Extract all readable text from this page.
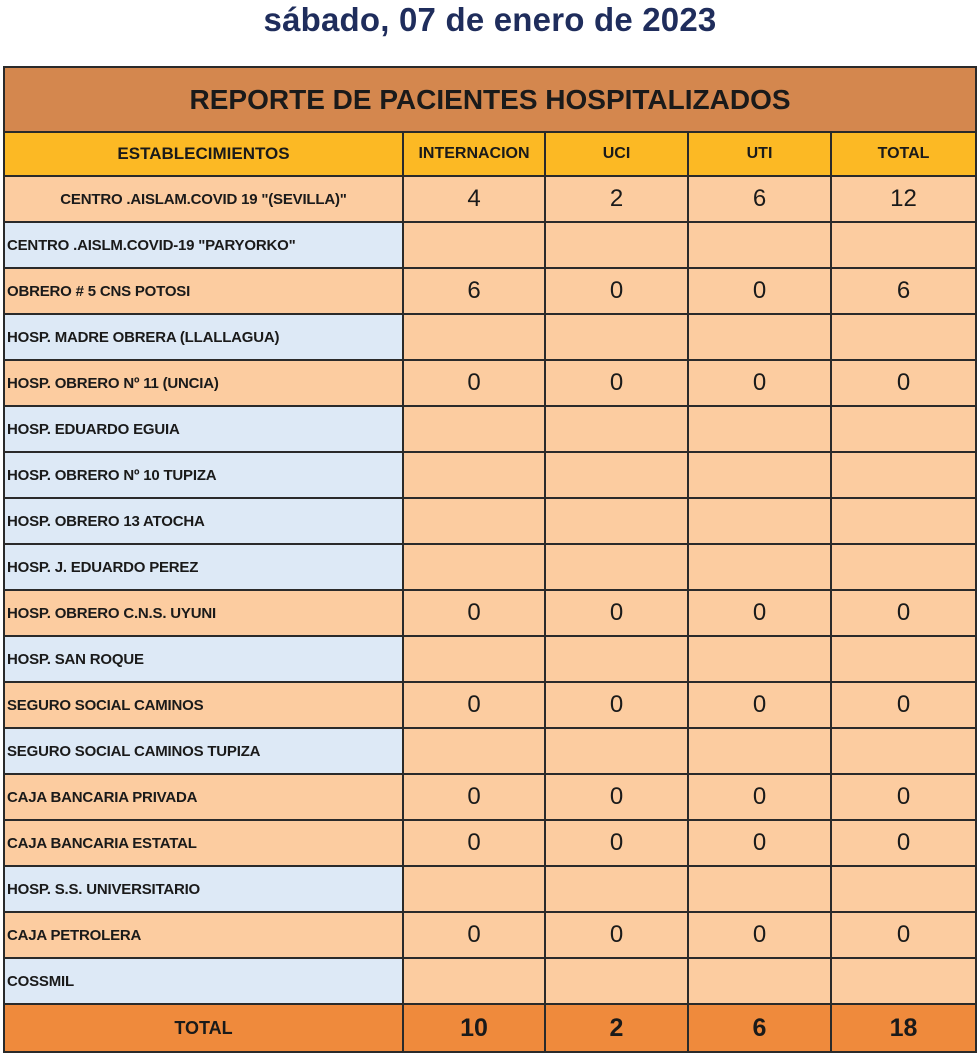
sábado, 07 de enero de 2023
REPORTE DE PACIENTES HOSPITALIZADOS				
ESTABLECIMIENTOS	INTERNACION	UCI	UTI	TOTAL
CENTRO .AISLAM.COVID 19 "(SEVILLA)"	4	2	6	12
CENTRO .AISLM.COVID-19 "PARYORKO"				
OBRERO # 5 CNS POTOSI	6	0	0	6
HOSP. MADRE OBRERA (LLALLAGUA)				
HOSP. OBRERO Nº 11 (UNCIA)	0	0	0	0
HOSP. EDUARDO EGUIA				
HOSP. OBRERO Nº 10 TUPIZA				
HOSP. OBRERO 13 ATOCHA				
HOSP. J. EDUARDO PEREZ				
HOSP. OBRERO C.N.S. UYUNI	0	0	0	0
HOSP. SAN ROQUE				
SEGURO SOCIAL CAMINOS	0	0	0	0
SEGURO SOCIAL CAMINOS TUPIZA				
CAJA BANCARIA PRIVADA	0	0	0	0
CAJA BANCARIA ESTATAL	0	0	0	0
HOSP. S.S. UNIVERSITARIO				
CAJA PETROLERA	0	0	0	0
COSSMIL				
TOTAL	10	2	6	18
